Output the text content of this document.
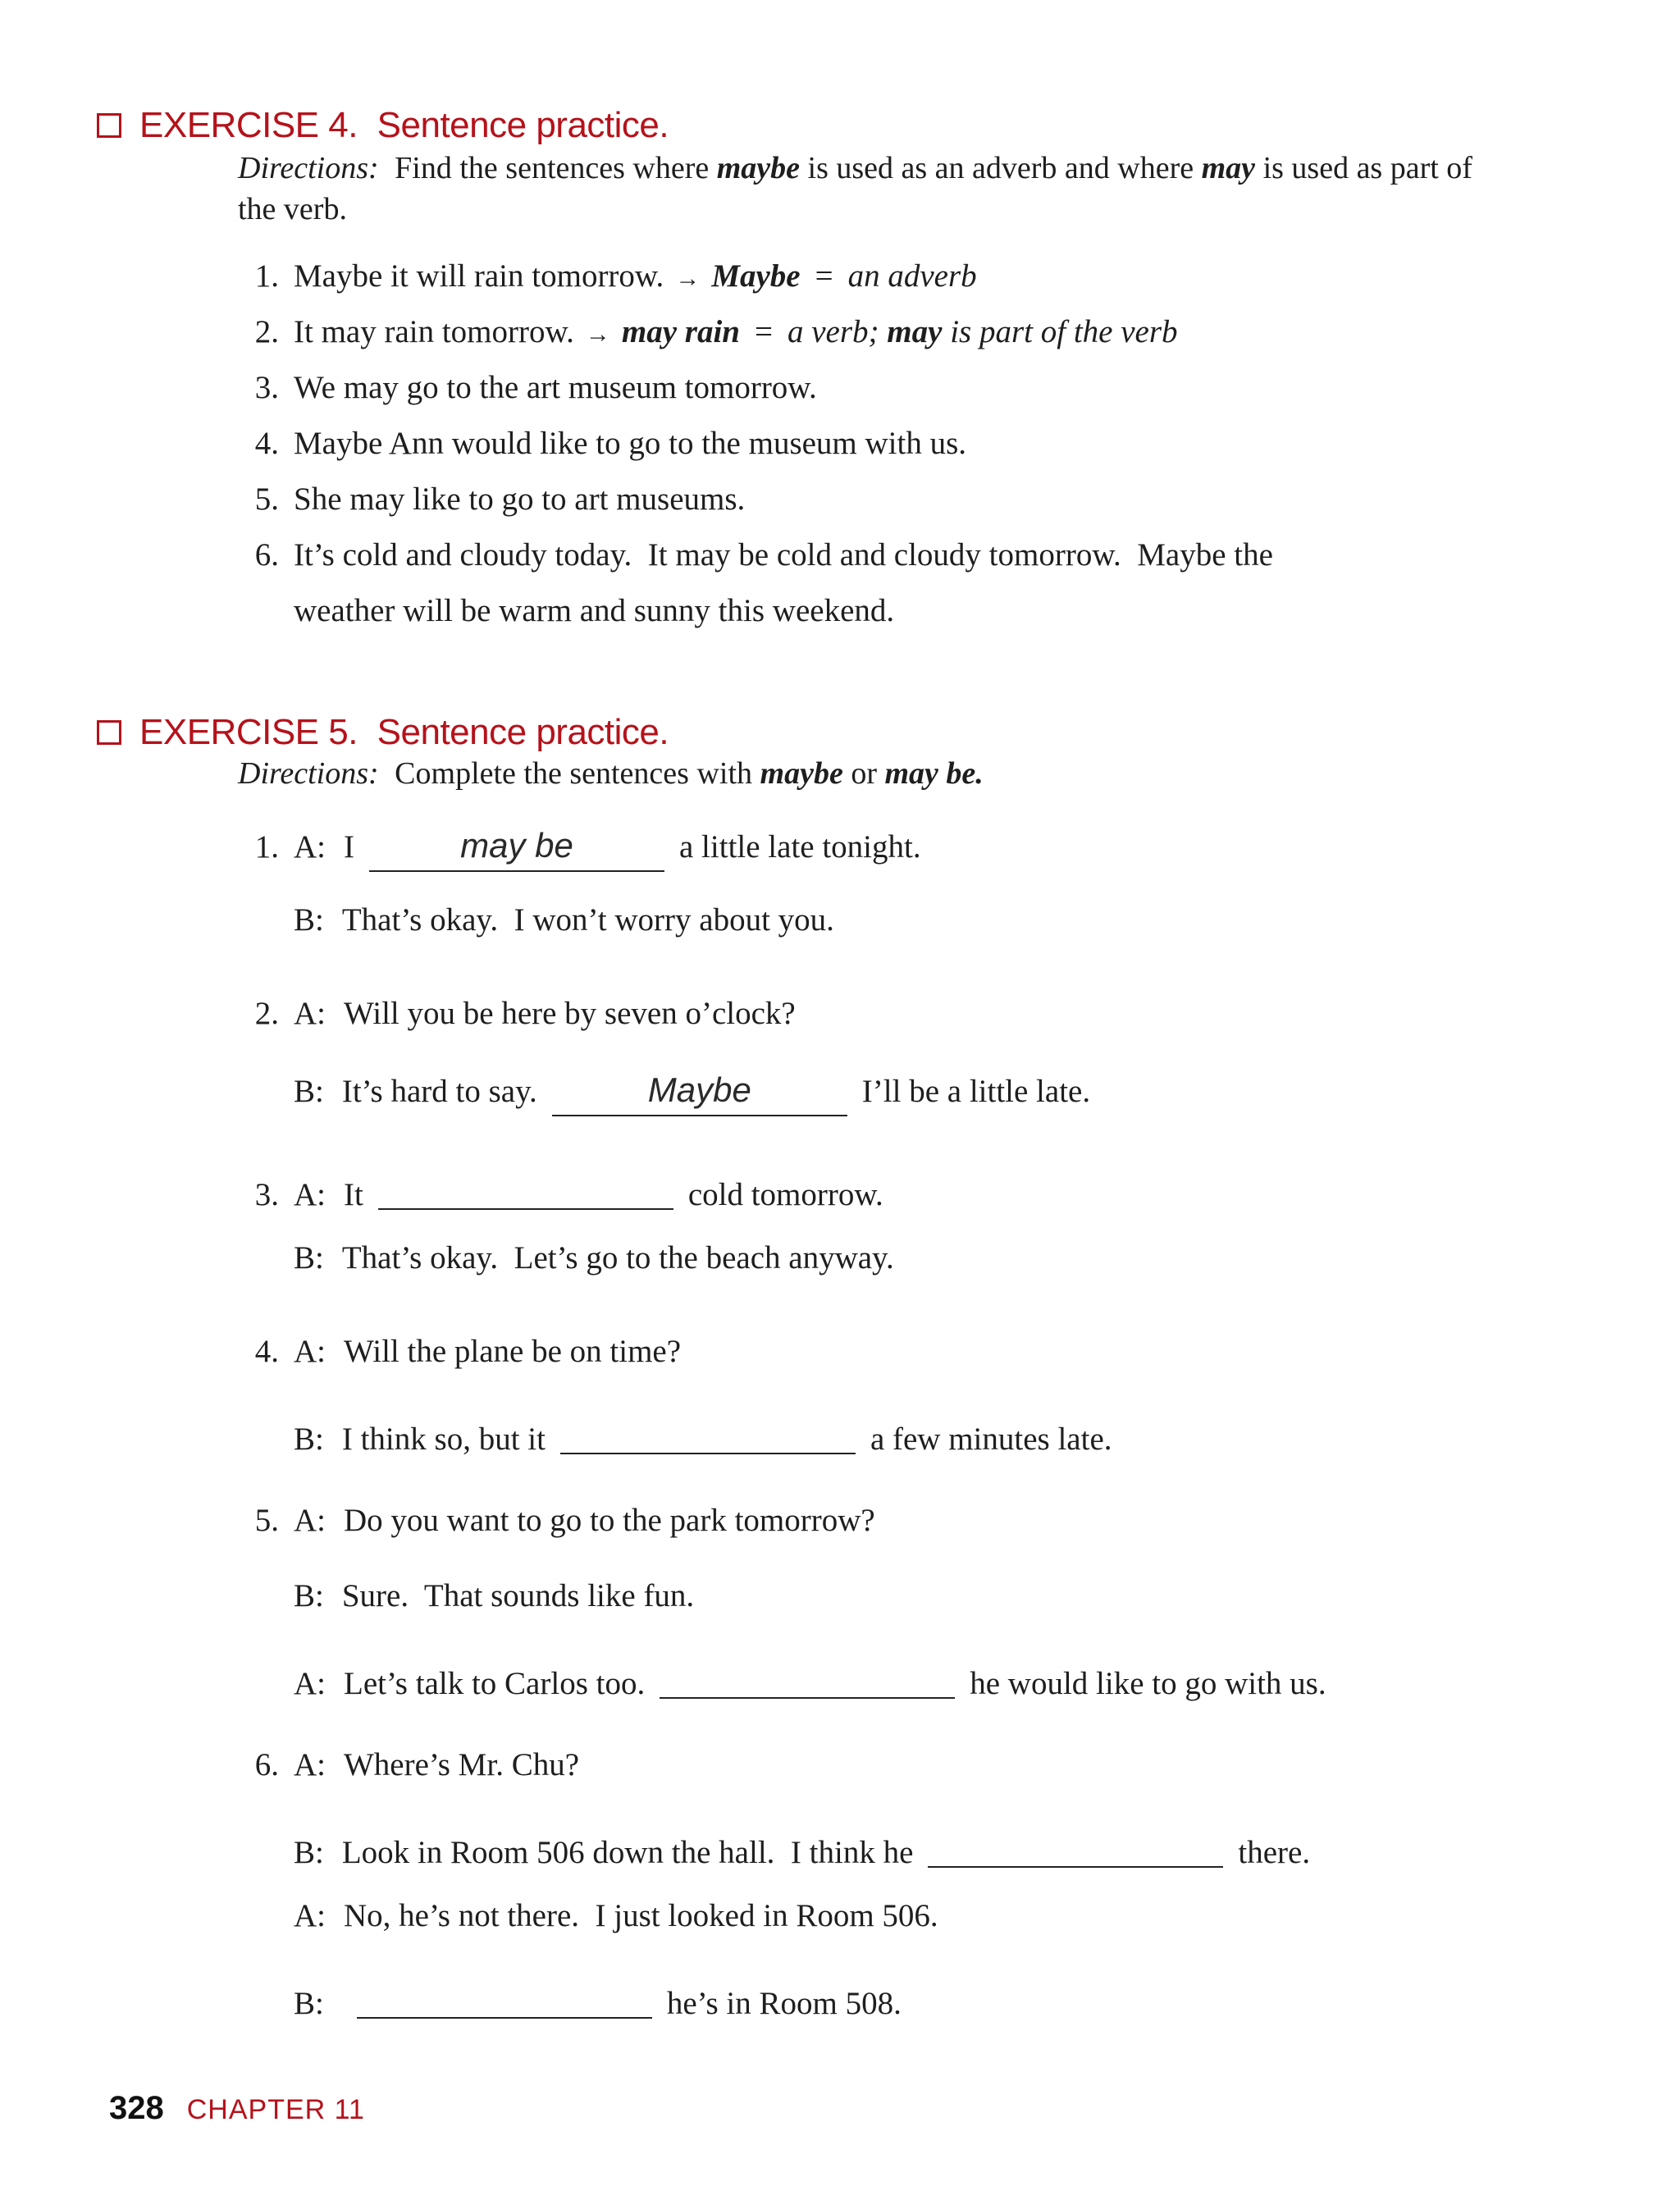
EXERCISE 4. Sentence practice.
Directions: Find the sentences where maybe is used as an adverb and where may is used as part of the verb.
1. Maybe it will rain tomorrow. → Maybe = an adverb
2. It may rain tomorrow. → may rain = a verb;
may
is part of the verb
3. We may go to the art museum tomorrow.
4. Maybe Ann would like to go to the museum with us.
5. She may like to go to art museums.
6. It’s cold and cloudy today.  It may be cold and cloudy tomorrow.  Maybe the
weather will be warm and sunny this weekend.
EXERCISE 5. Sentence practice.
Directions: Complete the sentences with maybe or may be.
1. A: I	may be	a little late tonight.
B: That’s okay.  I won’t worry about you.
2. A: Will you be here by seven o’clock?
B: It’s hard to say.	Maybe	I’ll be a little late.
3. A: It	cold tomorrow.
B: That’s okay.  Let’s go to the beach anyway.
4. A: Will the plane be on time?
B: I think so, but it	a few minutes late.
5. A: Do you want to go to the park tomorrow?
B: Sure.  That sounds like fun.
A: Let’s talk to Carlos too.	he would like to go with us.
6. A: Where’s Mr. Chu?
B: Look in Room 506 down the hall.  I think he	there.
A: No, he’s not there.  I just looked in Room 506.
B:	he’s in Room 508.
328 CHAPTER 11
